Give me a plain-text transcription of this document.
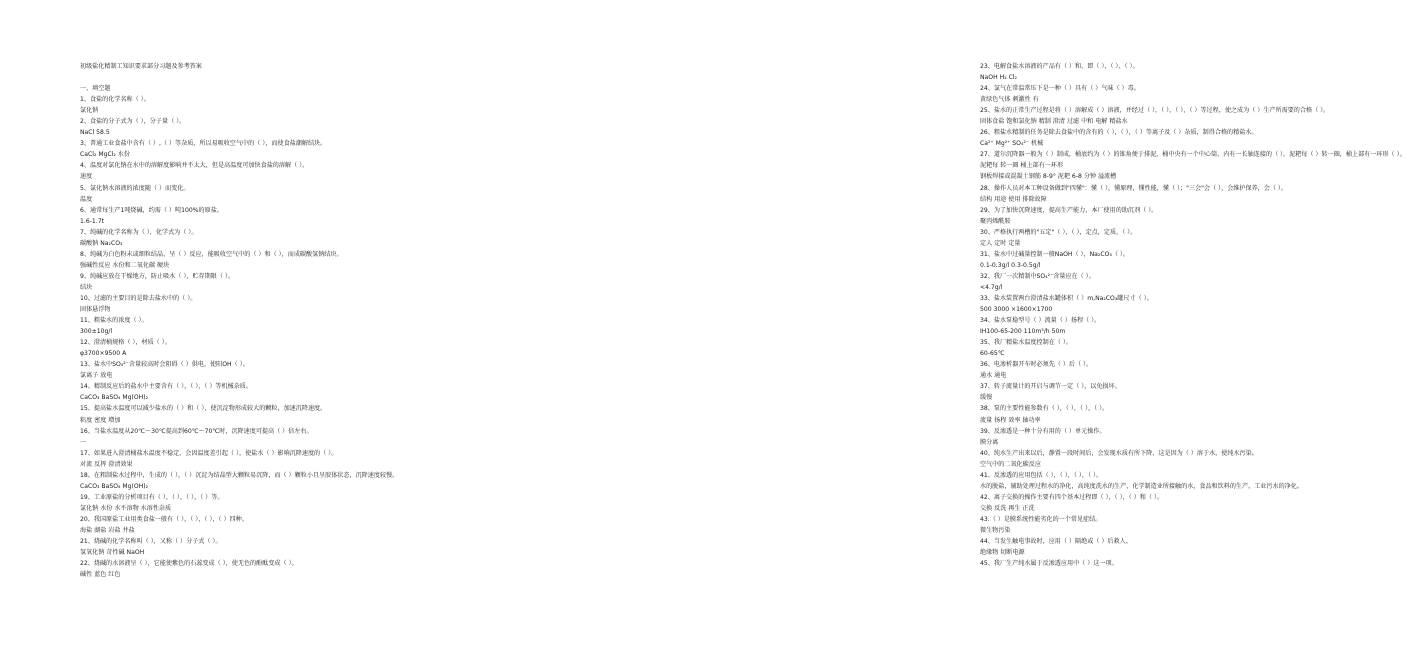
初级盐化精制工知识要求部分习题及参考答案
一、填空题
1、食盐的化学名称（ ）。
氯化钠
2、食盐的分子式为（ ），分子量（ ）。
NaCl 58.5
3、普通工业食盐中含有（ ）,（ ）等杂质，所以易吸收空气中的（ ），而使食盐潮解结块。
CaCl₂ MgCl₂ 水份
4、温度对氯化钠在水中的溶解度影响并不太大，但是高温度可加快食盐的溶解（ ）。
速度
5、氯化钠水溶液的浓度随（ ）而变化。
温度
6、通常每生产1吨烧碱，约需（ ）吨100%的原盐。
1.6-1.7t
7、纯碱的化学名称为（ ），化学式为（ ）。
碳酸钠 Na₂CO₃
8、纯碱为白色粉末或细粒结晶，呈（ ）反应，能吸收空气中的（ ）和（ ），而成碳酸氢钠结块。
强碱性反应 水份和二氧化碳 硬块
9、纯碱应放在干燥地方，防止吸水（ ），贮存期限（ ）。
结块
10、过滤的主要目的是除去盐水中的（ ）。
固体悬浮物
11、粗盐水的浓度（ ）。
300±10g/l
12、澄清桶规格（ ），材质（ ）。
φ3700×9500 A
13、盐水中SO₄²⁻含量较高时会阻碍（ ）供电，使阳OH（ ）。
氯离子 放电
14、精制反应后的盐水中主要含有（ ），（ ），（ ）等机械杂质。
CaCO₃ BaSO₄ Mg(OH)₂
15、提高盐水温度可以减少盐水的（ ）和（ ），使沉淀物形成较大的颗粒，加速沉降速度。
粘度 密度 增加
16、当盐水温度从20℃～30℃提高到60℃～70℃时，沉降速度可提高（ ）倍左右。
一
17、如果进入澄清桶盐水温度不稳定，会因温度差引起（ ），使盐水（ ）影响沉降速度的（ ）。
对流 反挥 澄清效果
18、在粗制盐水过程中，生成的（ ），（ ）沉淀为结晶型大颗粒易沉降，而（ ）颗粒小且呈胶体状态，沉降速度较慢。
CaCO₃ BaSO₄ Mg(OH)₂
19、工业原盐的分析项目有（ ），（ ），（ ），（ ）等。
氯化钠 水份 水不溶物 水溶性杂质
20、我国原盐工业用类食盐一般有（ ），（ ），（ ），（ ）四种。
海盐 湖盐 岩盐 井盐
21、烧碱的化学名称叫（ ），又称（ ）分子式（ ）。
氢氧化钠 苛性碱 NaOH
22、烧碱的水溶液呈（ ），它能使紫色的石蕊变成（ ），使无色的酚酞变成（ ）。
碱性 蓝色 红色
23、电解食盐水溶液的产品有（ ）和，即（ ）、（ ）、（ ）。
NaOH H₂ Cl₂
24、氯气在常温常压下是一种（ ）具有（ ）气味（ ）毒。
黄绿色气体 刺激性 有
25、盐水的正常生产过程是将（ ）溶解成（ ）溶液，并经过（ ），（ ），（ ），（ ）等过程，使之成为（ ）生产所需要的合格（ ）。
固体食盐 饱和氯化钠 精制 澄清 过滤 中和 电解 精盐水
26、粗盐水精制的任务是除去食盐中的含有的（ ），（ ），（ ）等离子及（ ）杂质，制得合格的精盐水。
Ca²⁺ Mg²⁺ SO₄²⁻ 机械
27、道尔沉降器一般为（ ）制成，桶底约为（ ）的锥角便于排泥，桶中央有一个中心筒，内有一长轴连接的（ ），泥耙每（ ）转一圈，桶上部有一环形（ ）。
泥耙每 转一圈 桶上部有一环形
钢板焊接或混凝土钢筋 8-9° 泥耙 6-8 分钟 溢流槽
28、操作人员对本工种设备做到"四懂"：懂（ ），懂原理，懂性能，懂（ ）；"三会"会（ ），会维护保养，会（ ）。
结构 用途 使用 排除故障
29、为了加快沉降速度，提高生产能力，本厂使用的助沉剂（ ）。
聚丙烯酰胺
30、严格执行两槽的"五定"（ ），（ ），定点，定质，（ ）。
定人 定时 定量
31、盐水中过碱量控制一般NaOH（ ），Na₂CO₃（ ）。
0.1-0.3g/l 0.3-0.5g/l
32、我厂一次精制中SO₄²⁻含量应在（ ）。
<4.7g/l
33、盐水装置两台澄清盐水罐体积（ ）m,Na₂CO₃罐尺寸（ ）。
500 3000 ×1600×1700
34、盐水泵稳型号（ ）流量（ ）扬程（ ）。
IH100-65-200 110m³/h 50m
35、我厂精盐水温度控制在（ ）。
60-65℃
36、电渗析器开车时必须先（ ）后（ ）。
通水 通电
37、转子流量计的开启与调节一定（ ），以免损坏。
缓慢
38、泵的主要性能参数有（ ），（ ），（ ），（ ）。
流量 扬程 效率 轴功率
39、反渗透是一种十分有用的（ ）单元操作。
膜分离
40、纯水生产出来以后，静置一段时间后，会发现水质有所下降，这是因为（ ）溶于水，使纯水污染。
空气中的二氧化碳反应
41、反渗透的应用包括（ ），（ ），（ ），（ ）。
水的脱盐，辅助处理过程水的净化，高纯度洗水的生产，化学制造业所接触的水，食品和饮料的生产，工业污水的净化。
42、离子交换的操作主要有四个基本过程即（ ），（ ），（ ）和（ ）。
交换 反洗 再生 正洗
43.（ ）是膜系统性能劣化的一个常见症结。
微生物污染
44、当发生触电事故时，应用（ ）隔绝或（ ）后救人。
绝缘物 切断电源
45、我厂生产纯水属于反渗透应用中（ ）这一项。
